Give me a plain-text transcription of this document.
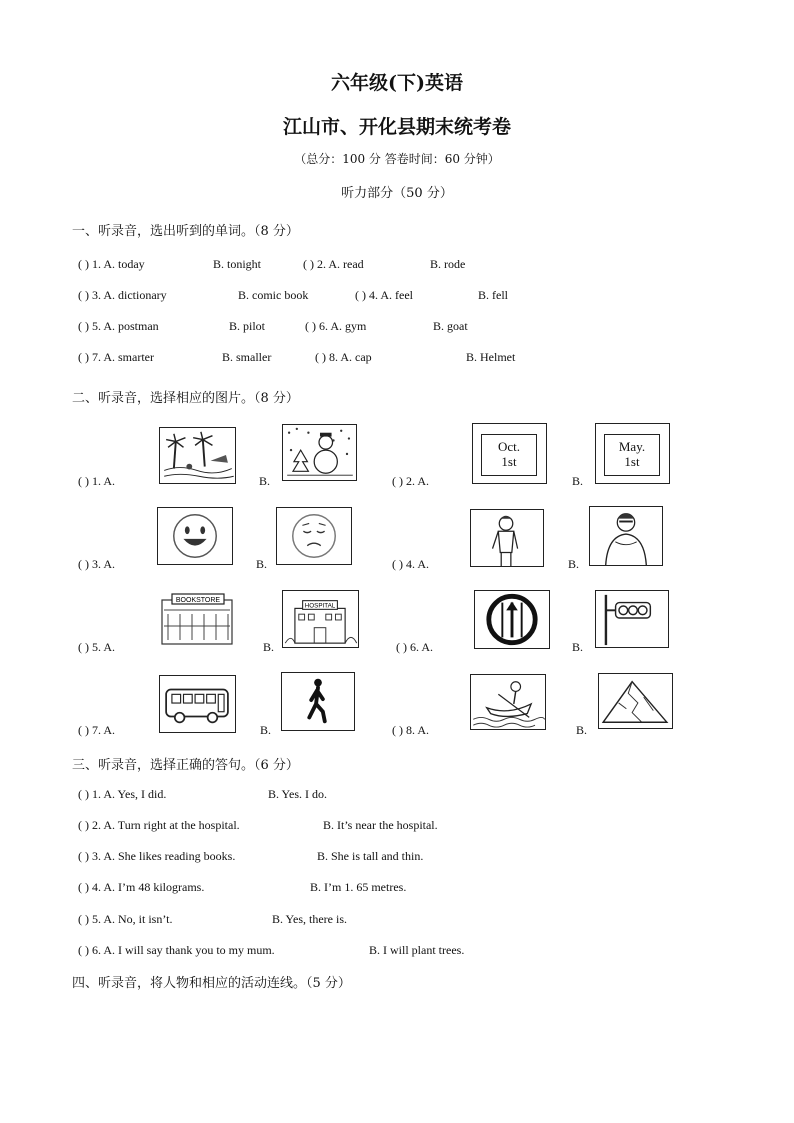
六年级(下)英语
江山市、开化县期末统考卷
（总分：100 分 答卷时间：60 分钟）
听力部分（50 分）
一、听录音，选出听到的单词。（8 分）
( ) 1. A. today	B. tonight	( ) 2. A. read	B. rode
( ) 3. A. dictionary	B. comic book	( ) 4. A. feel	B. fell
( ) 5. A. postman	B. pilot	( ) 6. A. gym	B. goat
( ) 7. A. smarter	B. smaller	( ) 8. A. cap	B. Helmet
二、听录音，选择相应的图片。（8 分）
( ) 1. A.	B.	( ) 2. A.
Oct.
1st
B.
May.
1st
( ) 3. A.	B.	( ) 4. A.	B.
( ) 5. A.
BOOKSTORE
B.
HOSPITAL
( ) 6. A.	B.
( ) 7. A.	B.	( ) 8. A.	B.
三、听录音，选择正确的答句。（6 分）
( ) 1. A. Yes, I did.	B. Yes. I do.
( ) 2. A. Turn right at the hospital.	B. It’s near the hospital.
( ) 3. A. She likes reading books.	B. She is tall and thin.
( ) 4. A. I’m 48 kilograms.	B. I’m 1. 65 metres.
( ) 5. A. No, it isn’t.	B. Yes, there is.
( ) 6. A. I will say thank you to my mum.	B. I will plant trees.
四、听录音，将人物和相应的活动连线。（5 分）
